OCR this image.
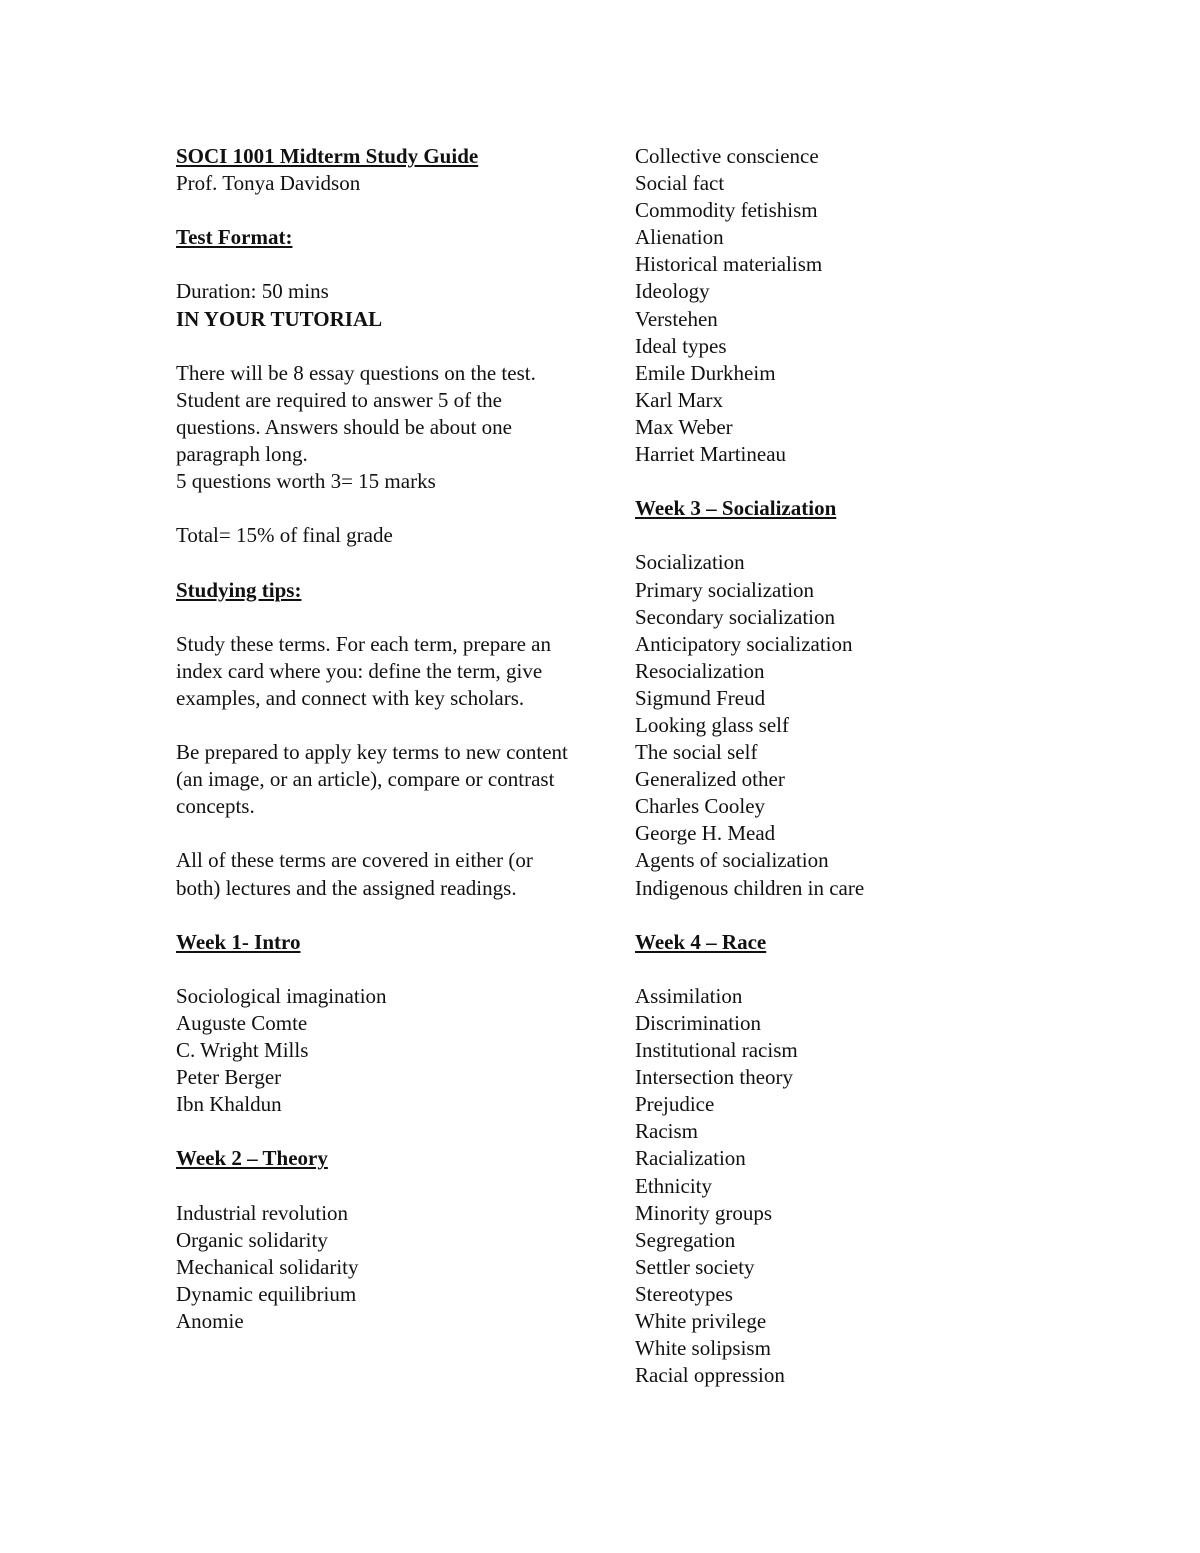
SOCI 1001 Midterm Study Guide
Prof. Tonya Davidson
Test Format:
Duration: 50 mins
IN YOUR TUTORIAL

There will be 8 essay questions on the test. Student are required to answer 5 of the questions. Answers should be about one paragraph long.

5 questions worth 3= 15 marks
Total= 15% of final grade
Studying tips:

Study these terms. For each term, prepare an index card where you: define the term, give examples, and connect with key scholars.

Be prepared to apply key terms to new content (an image, or an article), compare or contrast concepts.

All of these terms are covered in either (or both) lectures and the assigned readings.

Week 1- Intro
Sociological imagination
Auguste Comte
C. Wright Mills
Peter Berger
Ibn Khaldun
Week 2 – Theory
Industrial revolution
Organic solidarity
Mechanical solidarity
Dynamic equilibrium
Anomie
Collective conscience
Social fact
Commodity fetishism
Alienation
Historical materialism
Ideology
Verstehen
Ideal types
Emile Durkheim
Karl Marx
Max Weber
Harriet Martineau
Week 3 – Socialization
Socialization
Primary socialization
Secondary socialization
Anticipatory socialization
Resocialization
Sigmund Freud
Looking glass self
The social self
Generalized other
Charles Cooley
George H. Mead
Agents of socialization
Indigenous children in care
Week 4 – Race
Assimilation
Discrimination
Institutional racism
Intersection theory
Prejudice
Racism
Racialization
Ethnicity
Minority groups
Segregation
Settler society
Stereotypes
White privilege
White solipsism
Racial oppression
